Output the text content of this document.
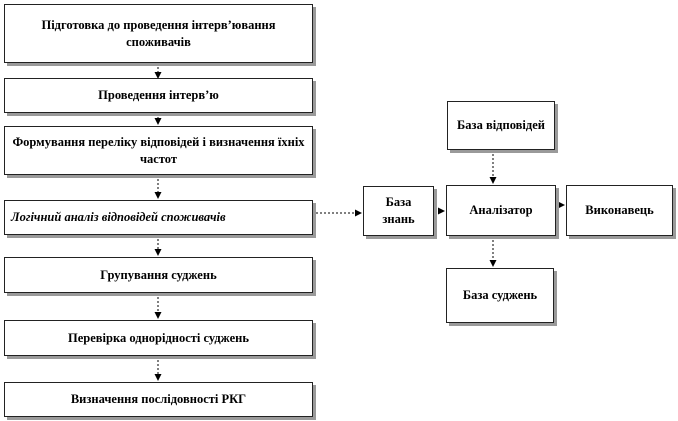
Підготовка до проведення інтерв’ювання споживачів
Проведення інтерв’ю
Формування переліку відповідей і визначення їхніх частот
Логічний аналіз відповідей споживачів
Групування суджень
Перевірка однорідності суджень
Визначення послідовності РКГ
База знань
База відповідей
Аналізатор	Виконавець
База суджень
